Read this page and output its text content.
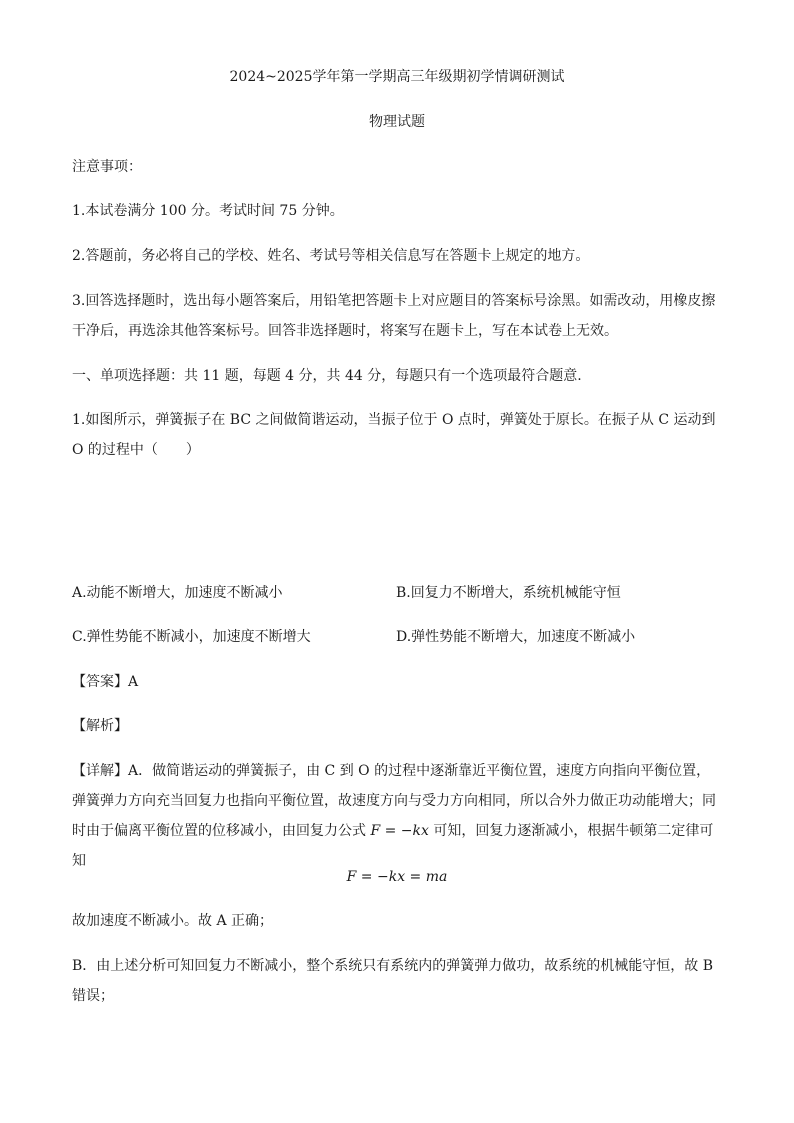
2024~2025学年第一学期高三年级期初学情调研测试
物理试题
注意事项：
1.本试卷满分 100 分。考试时间 75 分钟。
2.答题前，务必将自己的学校、姓名、考试号等相关信息写在答题卡上规定的地方。
3.回答选择题时，选出每小题答案后，用铅笔把答题卡上对应题目的答案标号涂黑。如需改动，用橡皮擦干净后，再选涂其他答案标号。回答非选择题时，将案写在题卡上，写在本试卷上无效。
一、单项选择题：共 11 题，每题 4 分，共 44 分，每题只有一个选项最符合题意.
1.如图所示，弹簧振子在 BC 之间做简谐运动，当振子位于 O 点时，弹簧处于原长。在振子从 C 运动到 O 的过程中（　　）
A.动能不断增大，加速度不断减小	B.回复力不断增大，系统机械能守恒
C.弹性势能不断减小，加速度不断增大	D.弹性势能不断增大，加速度不断减小
【答案】A
【解析】
【详解】A．做简谐运动的弹簧振子，由 C 到 O 的过程中逐渐靠近平衡位置，速度方向指向平衡位置，弹簧弹力方向充当回复力也指向平衡位置，故速度方向与受力方向相同，所以合外力做正功动能增大；同时由于偏离平衡位置的位移减小，由回复力公式 F = −kx 可知，回复力逐渐减小，根据牛顿第二定律可知
F = −kx = ma
故加速度不断减小。故 A 正确；
B．由上述分析可知回复力不断减小，整个系统只有系统内的弹簧弹力做功，故系统的机械能守恒，故 B 错误；
